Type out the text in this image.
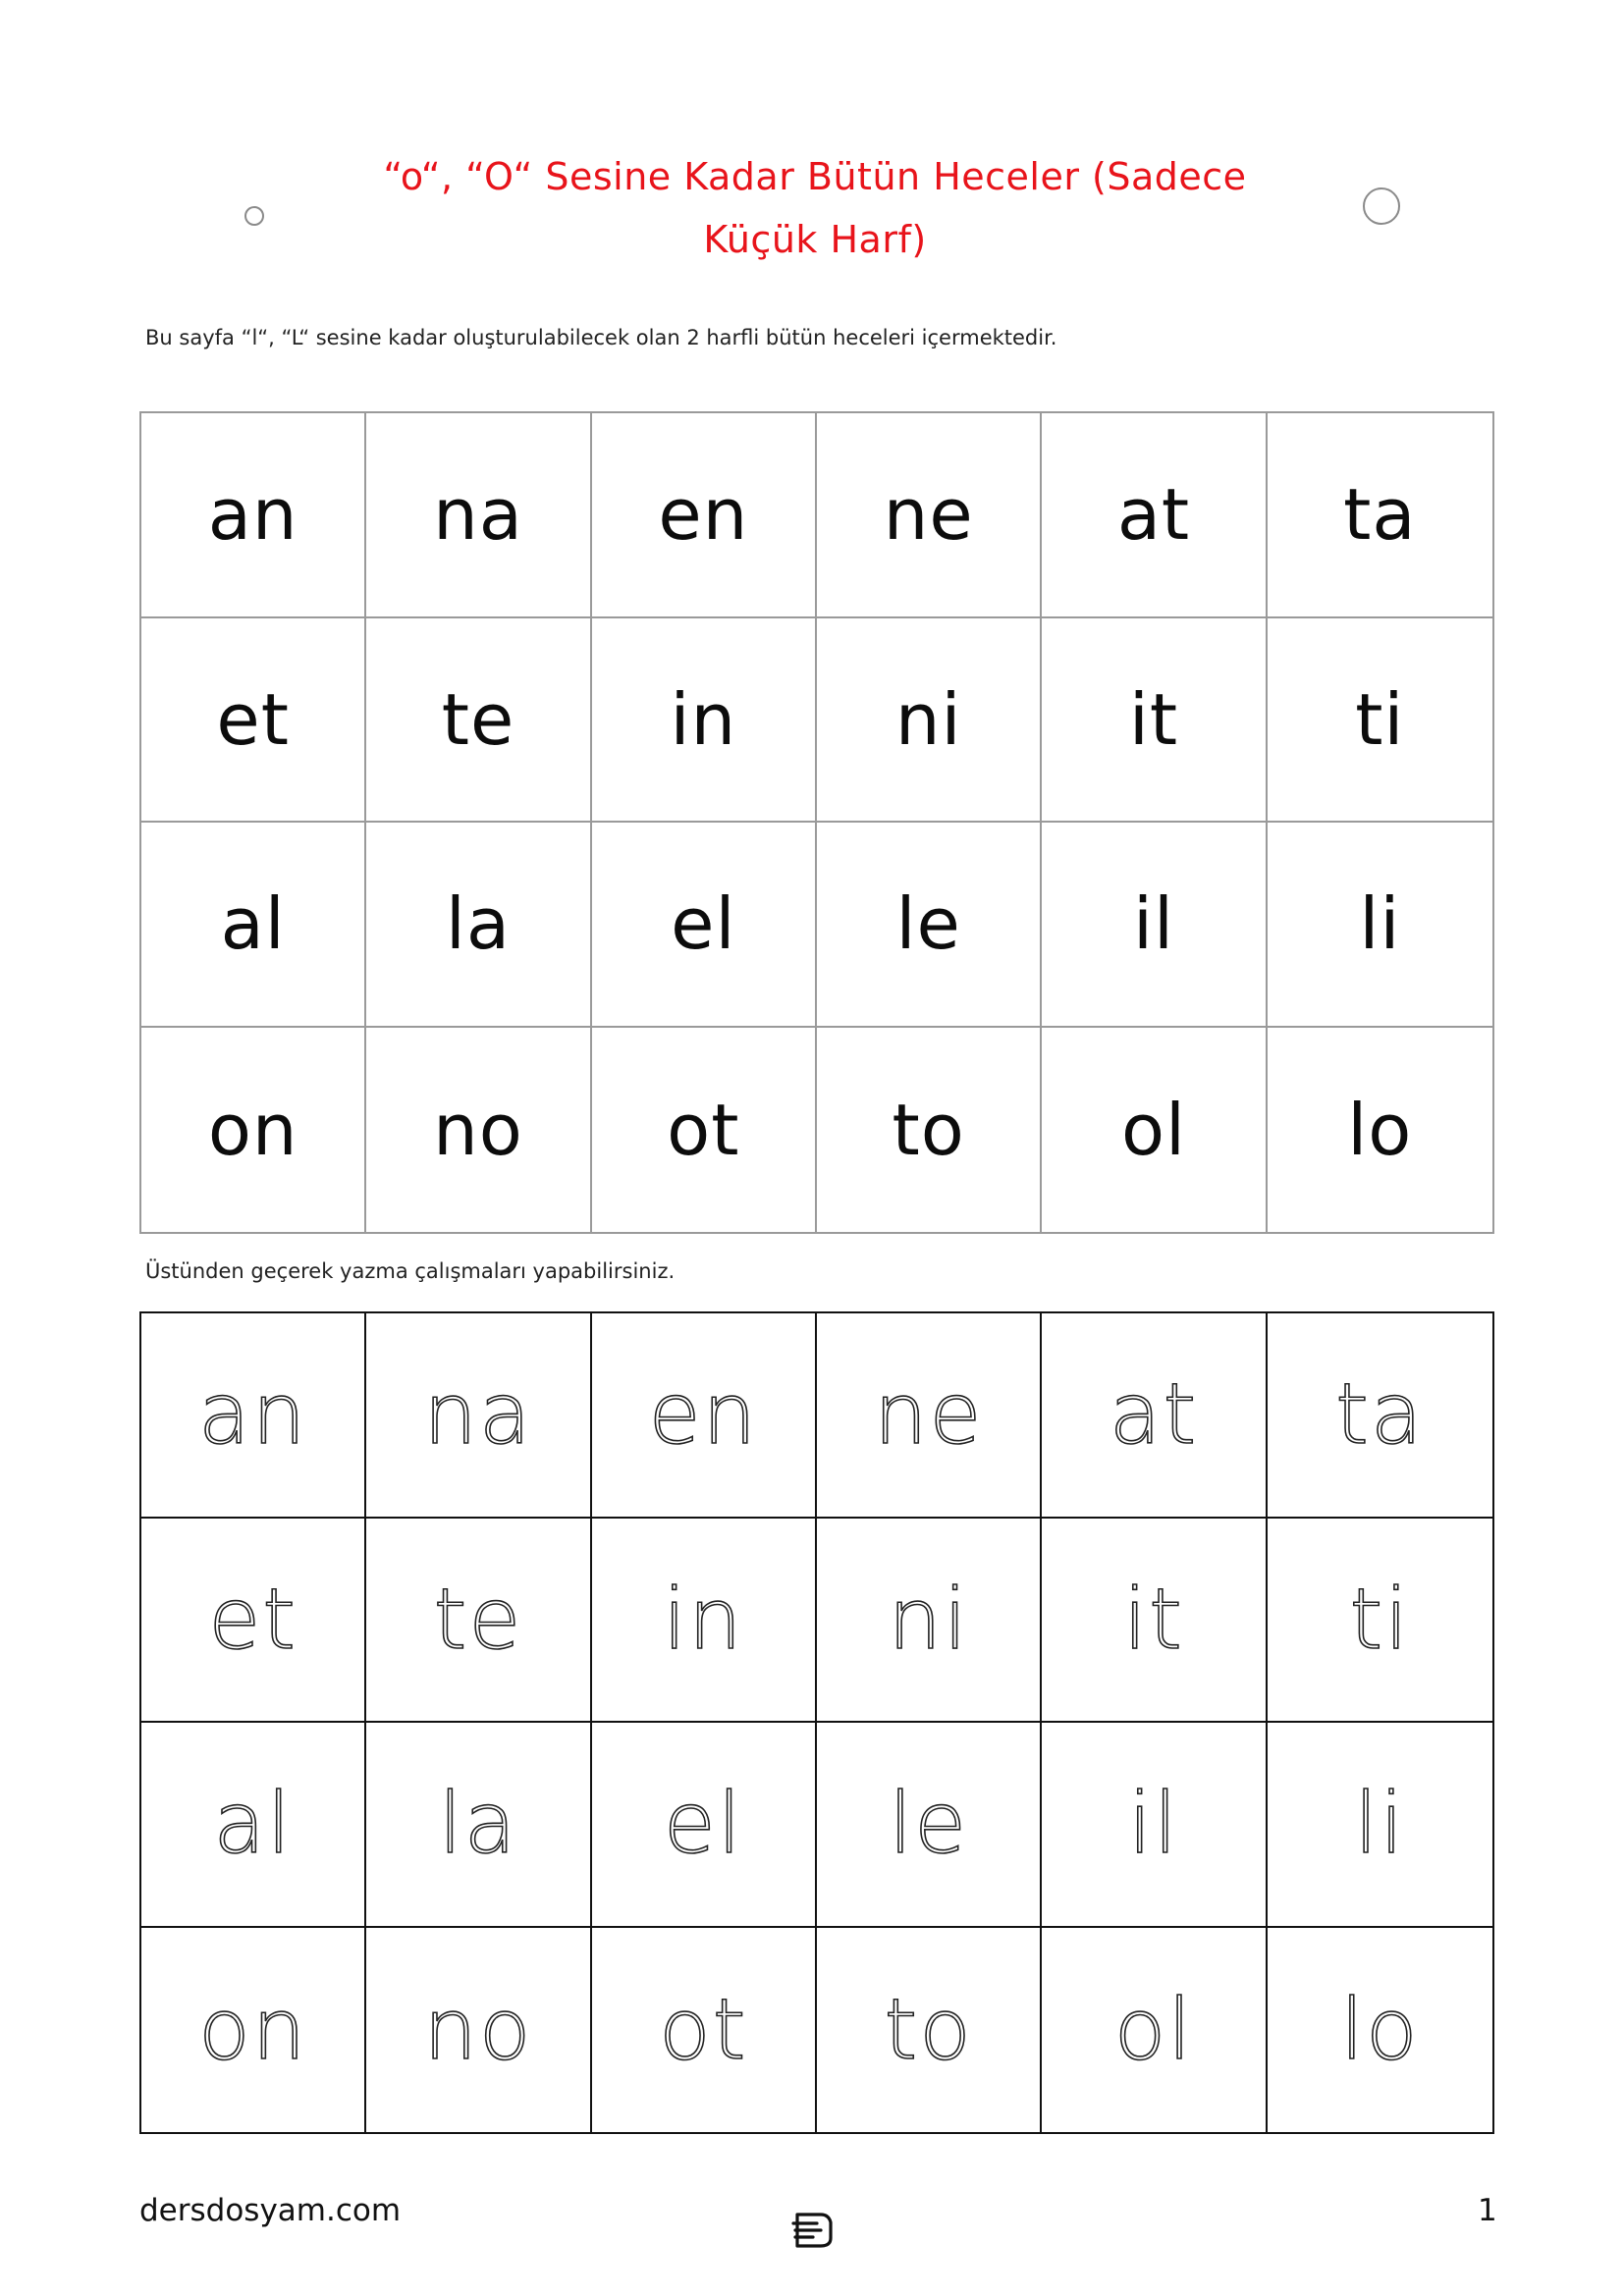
“o“, “O“ Sesine Kadar Bütün Heceler (Sadece
Küçük Harf)
Bu sayfa “l“, “L“ sesine kadar oluşturulabilecek olan 2 harfli bütün heceleri içermektedir.
an na en ne at ta
et te in ni it	ti
al la el le il	li
on no ot to ol lo
Üstünden geçerek yazma çalışmaları yapabilirsiniz.
an na en ne at ta
et te in ni it ti
al la el le il li
on no ot to ol lo
dersdosyam.com	1
